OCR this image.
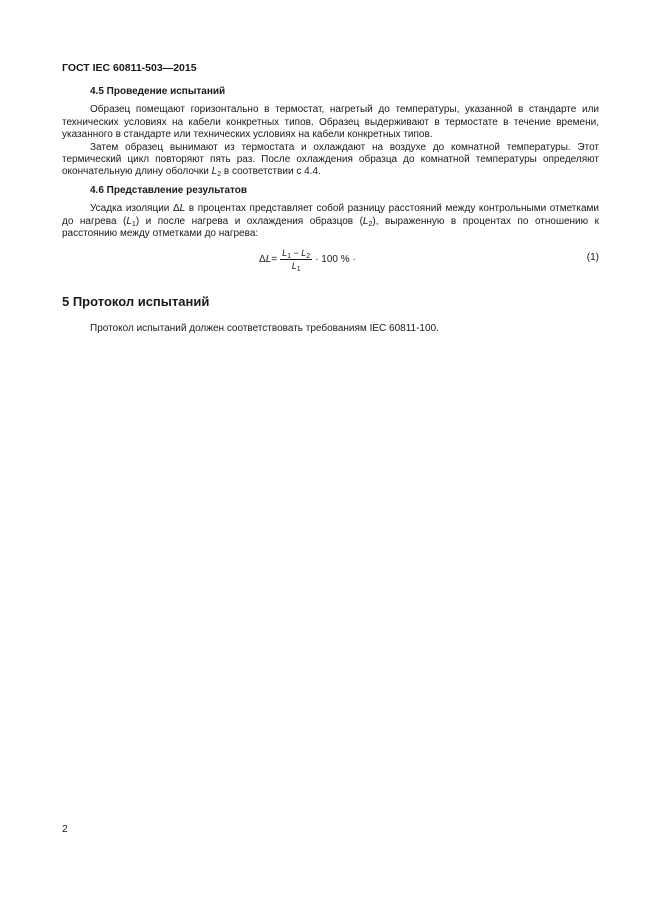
ГОСТ IEC 60811-503—2015
4.5 Проведение испытаний

Образец помещают горизонтально в термостат, нагретый до температуры, указанной в стандарте или технических условиях на кабели конкретных типов. Образец выдерживают в термостате в течение времени, указанного в стандарте или технических условиях на кабели конкретных типов.

Затем образец вынимают из термостата и охлаждают на воздухе до комнатной температуры. Этот термический цикл повторяют пять раз. После охлаждения образца до комнатной температуры определяют окончательную длину оболочки $L_2$ в соответствии с 4.4.

4.6 Представление результатов

Усадка изоляции ΔL в процентах представляет собой разницу расстояний между контрольными отметками до нагрева $(L_1)$ и после нагрева и охлаждения образцов $(L_2)$, выраженную в процентах по отношению к расстоянию между отметками до нагрева:

Δ $L = \frac{L_1 - L_2}{L_1} \cdot 100$ % ·	(1)
5 Протокол испытаний

Протокол испытаний должен соответствовать требованиям IEC 60811-100.

2
